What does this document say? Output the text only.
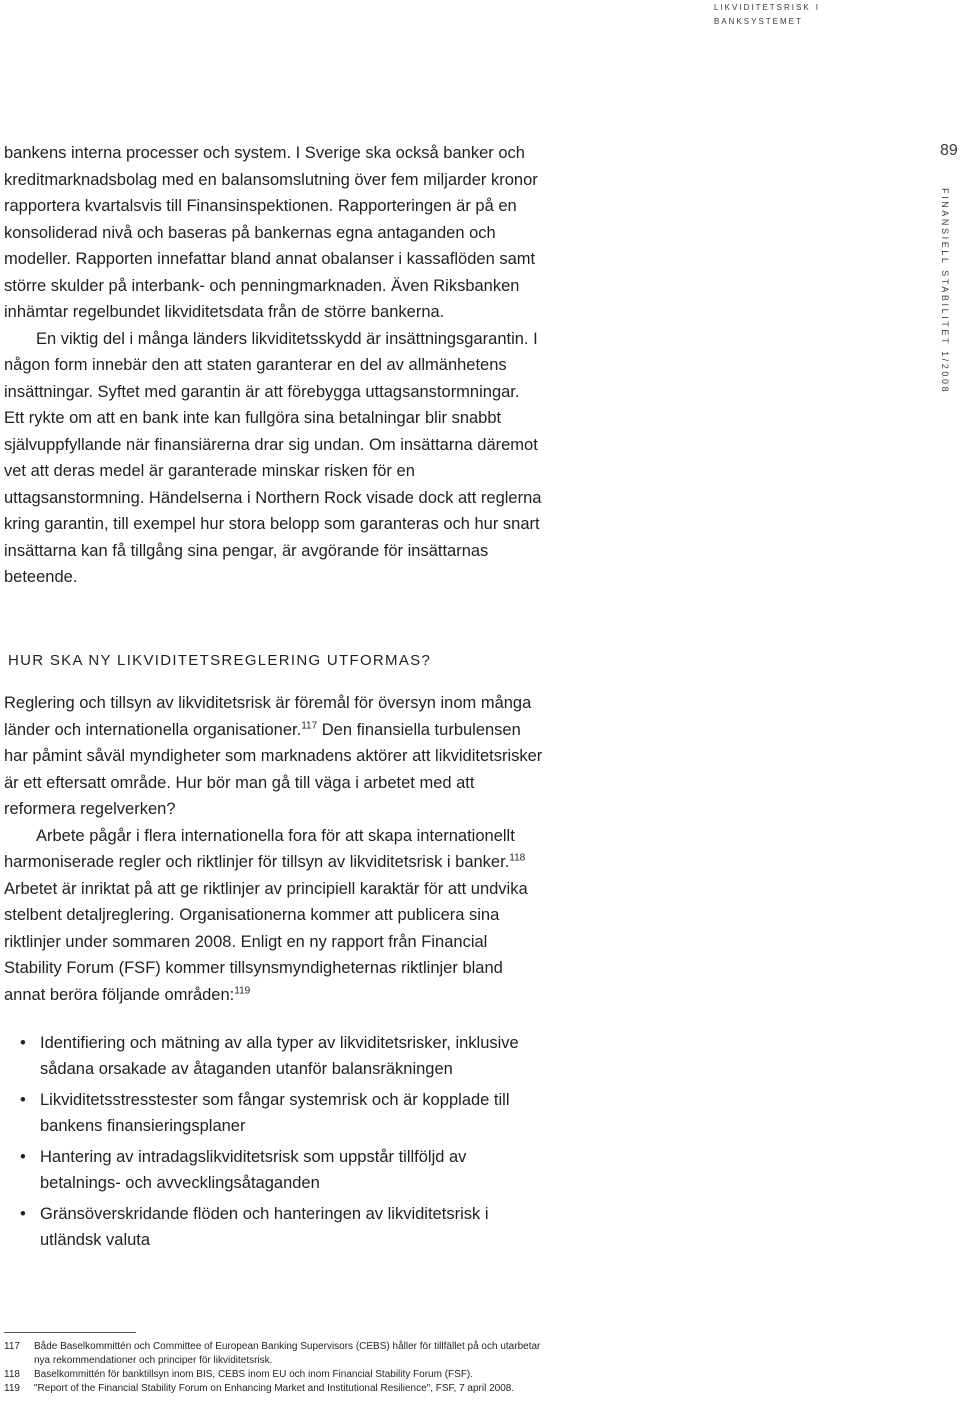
likviditetsrisk i banksystemet
89
FINANSIELL STABILITET 1/2008

bankens interna processer och system. I Sverige ska också banker och kreditmarknadsbolag med en balansomslutning över fem miljarder kronor rapportera kvartalsvis till Finansinspektionen. Rapporteringen är på en konsoliderad nivå och baseras på bankernas egna antaganden och modeller. Rapporten innefattar bland annat obalanser i kassaflöden samt större skulder på interbank- och penningmarknaden. Även Riksbanken inhämtar regelbundet likviditetsdata från de större bankerna.

En viktig del i många länders likviditetsskydd är insättningsgarantin. I någon form innebär den att staten garanterar en del av allmänhetens insättningar. Syftet med garantin är att förebygga uttagsanstormningar. Ett rykte om att en bank inte kan fullgöra sina betalningar blir snabbt självuppfyllande när finansiärerna drar sig undan. Om insättarna däremot vet att deras medel är garanterade minskar risken för en uttagsanstormning. Händelserna i Northern Rock visade dock att reglerna kring garantin, till exempel hur stora belopp som garanteras och hur snart insättarna kan få tillgång sina pengar, är avgörande för insättarnas beteende.

HUR SKA NY LIKVIDITETSREGLERING UTFORMAS?

Reglering och tillsyn av likviditetsrisk är föremål för översyn inom många länder och internationella organisationer.$^{117}$ Den finansiella turbulensen har påmint såväl myndigheter som marknadens aktörer att likviditetsrisker är ett eftersatt område. Hur bör man gå till väga i arbetet med att reformera regelverken?

Arbete pågår i flera internationella fora för att skapa internationellt harmoniserade regler och riktlinjer för tillsyn av likviditetsrisk i banker.$^{118}$ Arbetet är inriktat på att ge riktlinjer av principiell karaktär för att undvika stelbent detaljreglering. Organisationerna kommer att publicera sina riktlinjer under sommaren 2008. Enligt en ny rapport från Financial Stability Forum (FSF) kommer tillsynsmyndigheternas riktlinjer bland annat beröra följande områden:$^{119}$

• Identifiering och mätning av alla typer av likviditetsrisker, inklusive sådana orsakade av åtaganden utanför balansräkningen
• Likviditetsstresstester som fångar systemrisk och är kopplade till bankens finansieringsplaner
• Hantering av intradagslikviditetsrisk som uppstår tillföljd av betalnings- och avvecklingsåtaganden
• Gränsöverskridande flöden och hanteringen av likviditetsrisk i utländsk valuta
117 Både Baselkommittén och Committee of European Banking Supervisors (CEBS) håller för tillfället på och utarbetar nya rekommendationer och principer för likviditetsrisk.
118 Baselkommittén för banktillsyn inom BIS, CEBS inom EU och inom Financial Stability Forum (FSF).
119 "Report of the Financial Stability Forum on Enhancing Market and Institutional Resilience", FSF, 7 april 2008.
